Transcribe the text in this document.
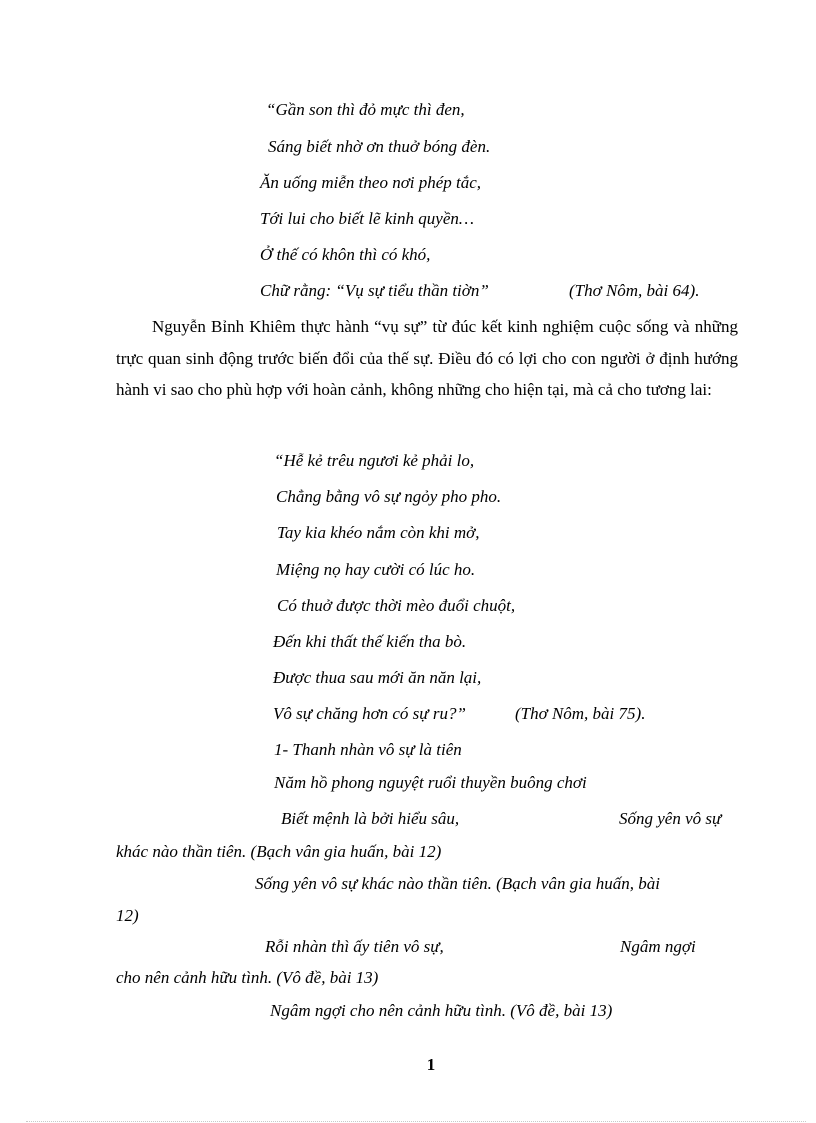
“Gần son thì đỏ mực thì đen,
Sáng biết nhờ ơn thuở bóng đèn.
Ăn uống miễn theo nơi phép tắc,
Tới lui cho biết lẽ kinh quyền…
Ở thế có khôn thì có khó,
Chữ rằng: “Vụ sự tiểu thần tiờn”	(Thơ Nôm, bài 64).
Nguyễn Bỉnh Khiêm thực hành “vụ sự” từ đúc kết kinh nghiệm cuộc sống và những trực quan sinh động trước biến đổi của thế sự. Điều đó có lợi cho con người ở định hướng hành vi sao cho phù hợp với hoàn cảnh, không những cho hiện tại, mà cả cho tương lai:
“Hễ kẻ trêu ngươi kẻ phải lo,
Chẳng bằng vô sự ngỏy pho pho.
Tay kia khéo nắm còn khi mở,
Miệng nọ hay cười có lúc ho.
Có thuở được thời mèo đuổi chuột,
Đến khi thất thế kiến tha bò.
Được thua sau mới ăn năn lại,
Vô sự chăng hơn có sự ru?”	(Thơ Nôm, bài 75).
1- Thanh nhàn vô sự là tiên
Năm hồ phong nguyệt ruổi thuyền buông chơi
Biết mệnh là bởi hiểu sâu,	Sống yên vô sự
khác nào thần tiên. (Bạch vân gia huấn, bài 12)
Sống yên vô sự khác nào thần tiên. (Bạch vân gia huấn, bài
12)
Rỗi nhàn thì ấy tiên vô sự,	Ngâm ngợi
cho nên cảnh hữu tình. (Vô đề, bài 13)
Ngâm ngợi cho nên cảnh hữu tình. (Vô đề, bài 13)
1
